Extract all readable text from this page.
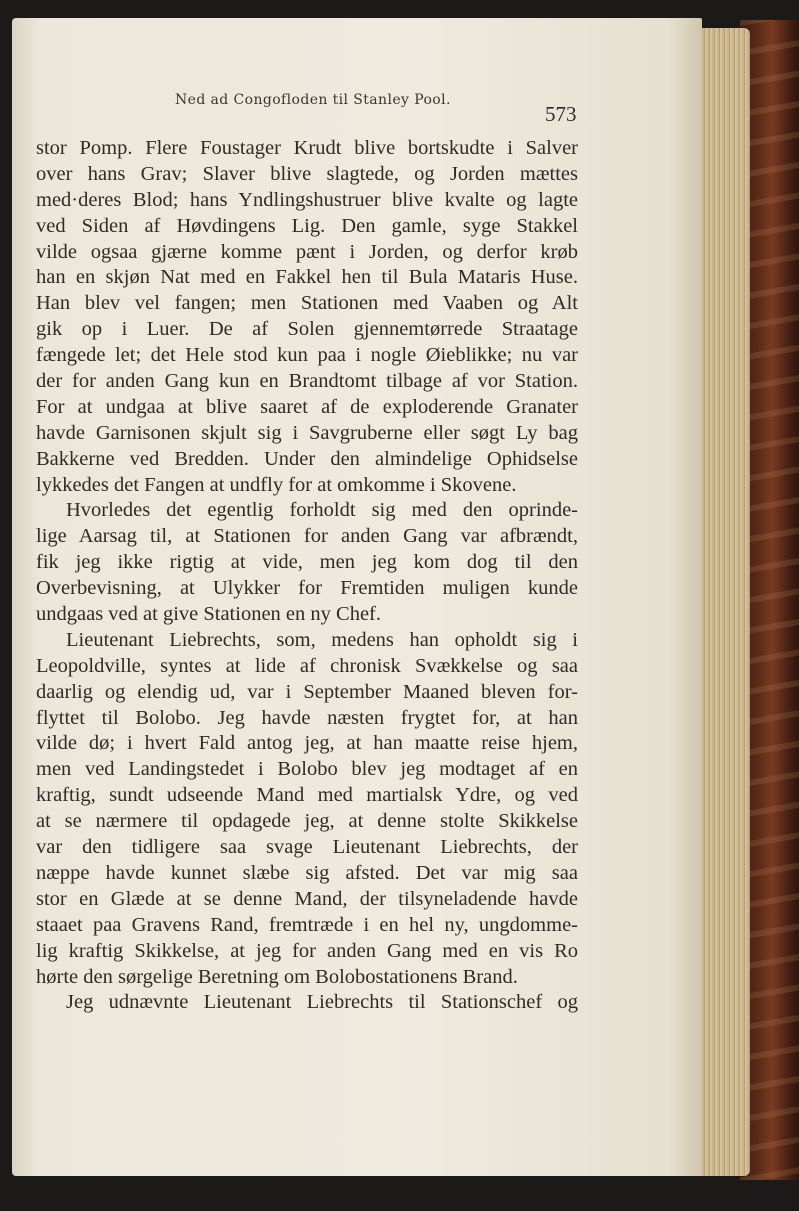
Ned ad Congofloden til Stanley Pool.
573
stor Pomp. Flere Foustager Krudt blive bortskudte i Salver
over hans Grav; Slaver blive slagtede, og Jorden mættes
med·deres Blod; hans Yndlingshustruer blive kvalte og lagte
ved Siden af Høvdingens Lig. Den gamle, syge Stakkel
vilde ogsaa gjærne komme pænt i Jorden, og derfor krøb
han en skjøn Nat med en Fakkel hen til Bula Mataris Huse.
Han blev vel fangen; men Stationen med Vaaben og Alt
gik op i Luer. De af Solen gjennemtørrede Straatage
fængede let; det Hele stod kun paa i nogle Øieblikke; nu var
der for anden Gang kun en Brandtomt tilbage af vor Station.
For at undgaa at blive saaret af de exploderende Granater
havde Garnisonen skjult sig i Savgruberne eller søgt Ly bag
Bakkerne ved Bredden. Under den almindelige Ophidselse
lykkedes det Fangen at undfly for at omkomme i Skovene.
Hvorledes det egentlig forholdt sig med den oprinde-
lige Aarsag til, at Stationen for anden Gang var afbrændt,
fik jeg ikke rigtig at vide, men jeg kom dog til den
Overbevisning, at Ulykker for Fremtiden muligen kunde
undgaas ved at give Stationen en ny Chef.
Lieutenant Liebrechts, som, medens han opholdt sig i
Leopoldville, syntes at lide af chronisk Svækkelse og saa
daarlig og elendig ud, var i September Maaned bleven for-
flyttet til Bolobo. Jeg havde næsten frygtet for, at han
vilde dø; i hvert Fald antog jeg, at han maatte reise hjem,
men ved Landingstedet i Bolobo blev jeg modtaget af en
kraftig, sundt udseende Mand med martialsk Ydre, og ved
at se nærmere til opdagede jeg, at denne stolte Skikkelse
var den tidligere saa svage Lieutenant Liebrechts, der
næppe havde kunnet slæbe sig afsted. Det var mig saa
stor en Glæde at se denne Mand, der tilsyneladende havde
staaet paa Gravens Rand, fremtræde i en hel ny, ungdomme-
lig kraftig Skikkelse, at jeg for anden Gang med en vis Ro
hørte den sørgelige Beretning om Bolobostationens Brand.
Jeg udnævnte Lieutenant Liebrechts til Stationschef og
